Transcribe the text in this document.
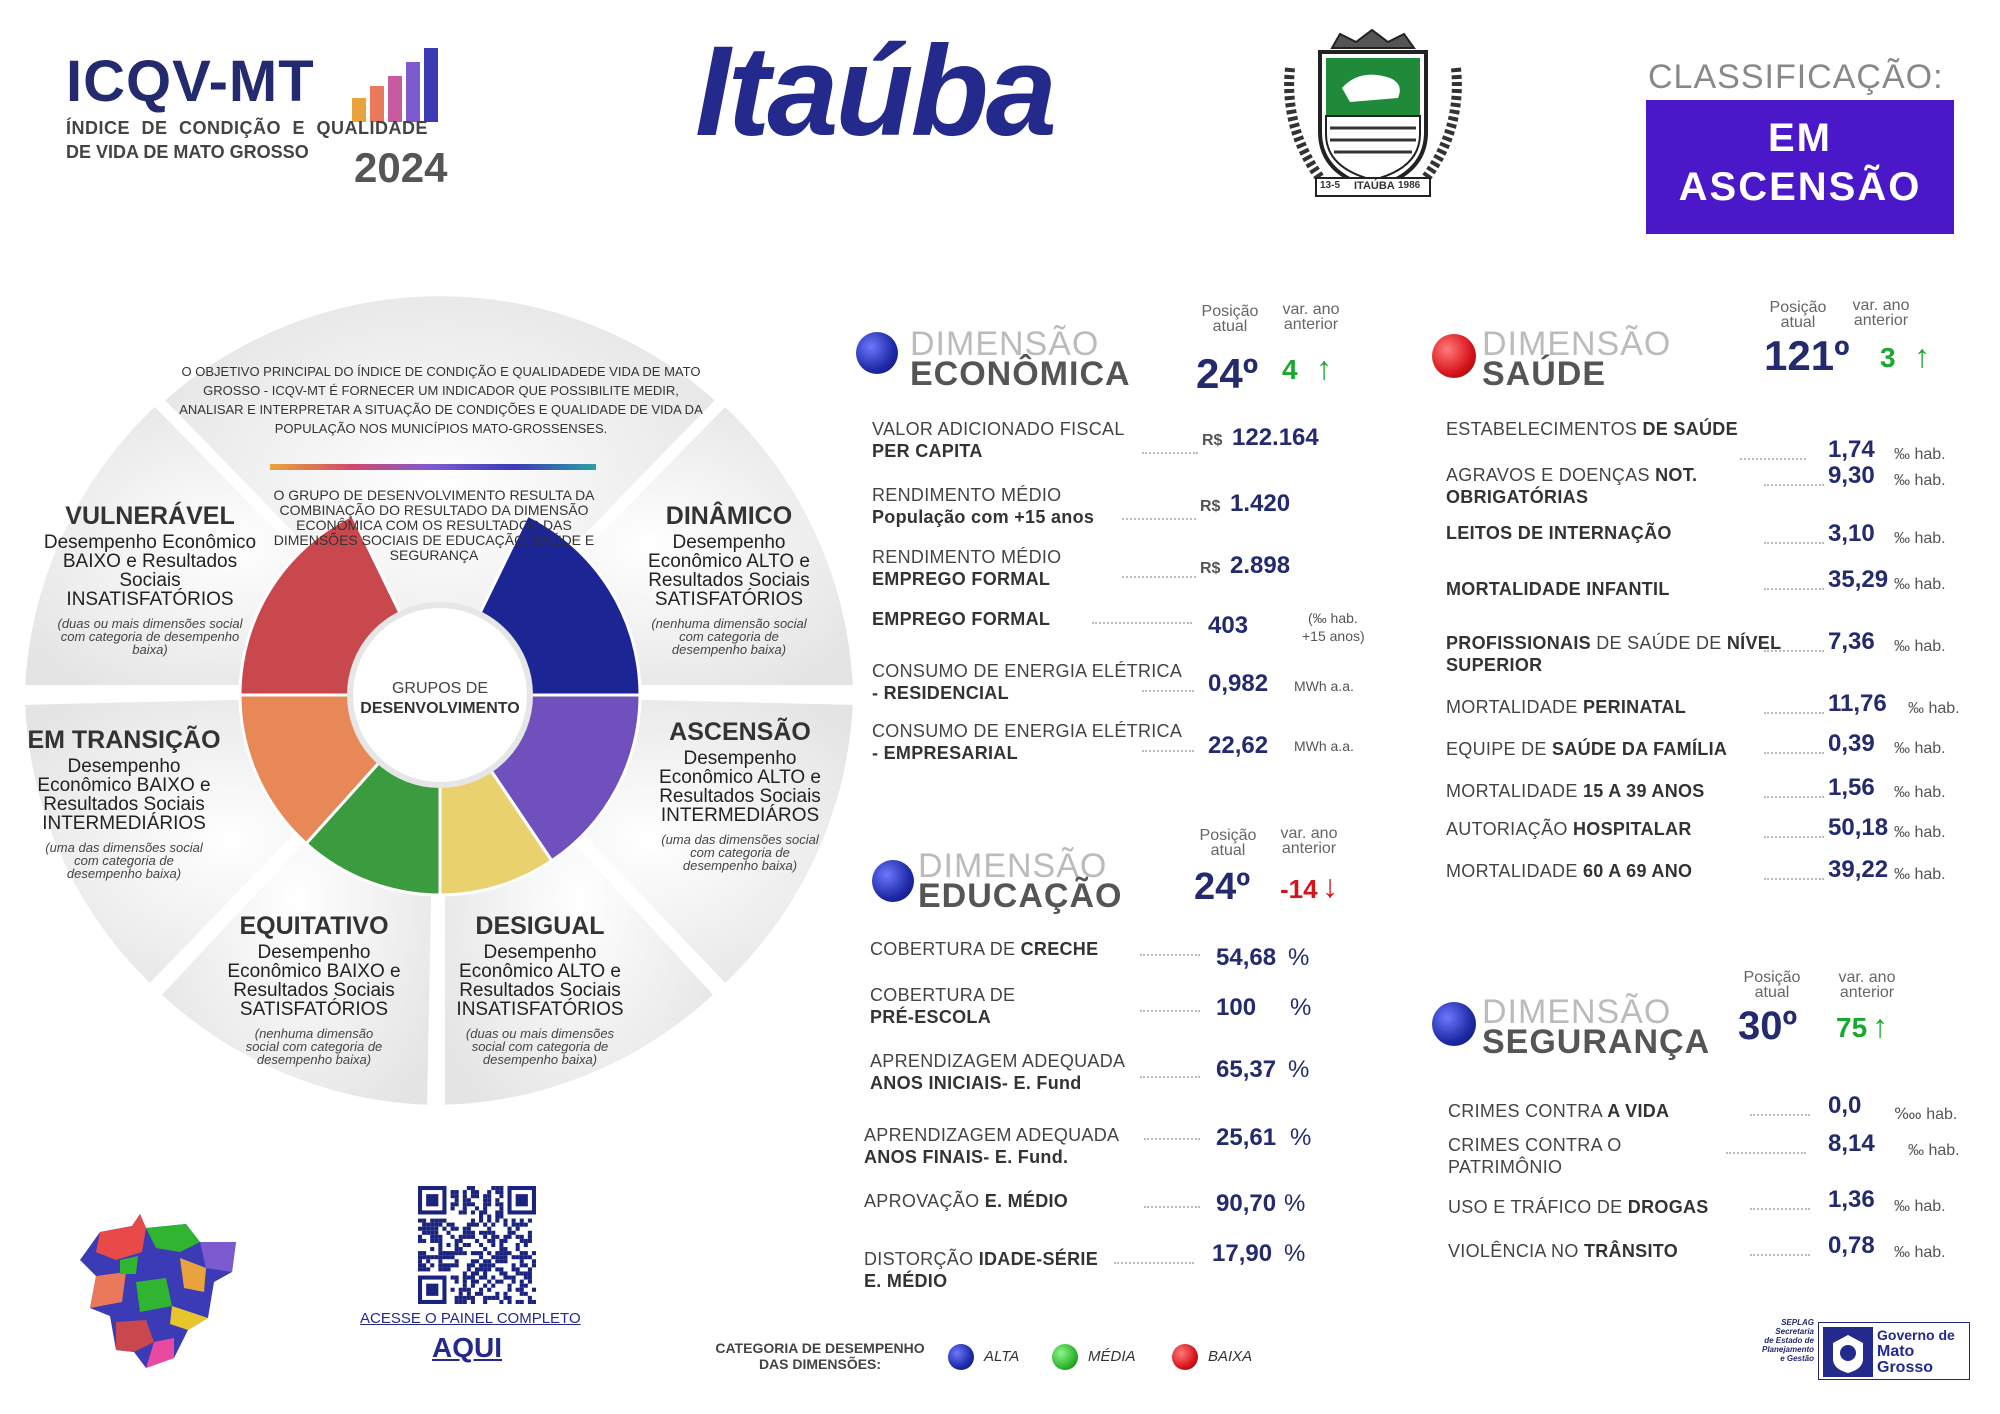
ICQV-MT
ÍNDICE DE CONDIÇÃO E QUALIDADE
DE VIDA DE MATO GROSSO 2024
Itaúba
13-5 ITAÚBA 1986
CLASSIFICAÇÃO:
EM
ASCENSÃO
GRUPOS DE
DESENVOLVIMENTO
O OBJETIVO PRINCIPAL DO ÍNDICE DE CONDIÇÃO E QUALIDADEDE VIDA DE MATO GROSSO - ICQV-MT É FORNECER UM INDICADOR QUE POSSIBILITE MEDIR, ANALISAR E INTERPRETAR A SITUAÇÃO DE CONDIÇÕES E QUALIDADE DE VIDA DA POPULAÇÃO NOS MUNICÍPIOS MATO-GROSSENSES.
O GRUPO DE DESENVOLVIMENTO RESULTA DA COMBINAÇÃO DO RESULTADO DA DIMENSÃO ECONÔMICA COM OS RESULTADOS DAS DIMENSÕES SOCIAIS DE EDUCAÇÃO, SAÚDE E SEGURANÇA
VULNERÁVEL
Desempenho Econômico BAIXO e Resultados Sociais INSATISFATÓRIOS
(duas ou mais dimensões social com categoria de desempenho baixa)
DINÂMICO
Desempenho Econômico ALTO e Resultados Sociais SATISFATÓRIOS
(nenhuma dimensão social com categoria de desempenho baixa)
EM TRANSIÇÃO
Desempenho Econômico BAIXO e Resultados Sociais INTERMEDIÁRIOS
(uma das dimensões social com categoria de desempenho baixa)
ASCENSÃO
Desempenho Econômico ALTO e Resultados Sociais INTERMEDIÁROS
(uma das dimensões social com categoria de desempenho baixa)
EQUITATIVO
Desempenho Econômico BAIXO e Resultados Sociais SATISFATÓRIOS
(nenhuma dimensão social com categoria de desempenho baixa)
DESIGUAL
Desempenho Econômico ALTO e Resultados Sociais INSATISFATÓRIOS
(duas ou mais dimensões social com categoria de desempenho baixa)
ACESSE O PAINEL COMPLETO
AQUI	CATEGORIA DE DESEMPENHO
DAS DIMENSÕES:	ALTA	MÉDIA	BAIXA
SEPLAG
Secretaria
de Estado de
Planejamento
e Gestão
Governo de
Mato
Grosso
DIMENSÃO
ECONÔMICA
Posição
atual
var. ano
anterior
24º 4 ↑
VALOR ADICIONADO FISCAL
PER CAPITA
R$ 122.164
RENDIMENTO MÉDIO
População com +15 anos
R$ 1.420
RENDIMENTO MÉDIO
EMPREGO FORMAL
R$ 2.898
EMPREGO FORMAL	403	(‰ hab.
+15 anos)
CONSUMO DE ENERGIA ELÉTRICA
- RESIDENCIAL	0,982 MWh a.a.
CONSUMO DE ENERGIA ELÉTRICA
- EMPRESARIAL	22,62 MWh a.a.
DIMENSÃO
EDUCAÇÃO
Posição
atual
var. ano
anterior
24º -14 ↓
COBERTURA DE CRECHE	54,68 %
COBERTURA DE
PRÉ-ESCOLA	100 %
APRENDIZAGEM ADEQUADA
ANOS INICIAIS- E. Fund	65,37 %
APRENDIZAGEM ADEQUADA
ANOS FINAIS- E. Fund.
25,61 %
APROVAÇÃO E. MÉDIO	90,70 %
DISTORÇÃO IDADE-SÉRIE
E. MÉDIO
17,90 %
DIMENSÃO
SAÚDE
Posição
atual
var. ano
anterior
121º 3 ↑
ESTABELECIMENTOS DE SAÚDE
1,74 ‰ hab.
AGRAVOS E DOENÇAS NOT.
OBRIGATÓRIAS
9,30 ‰ hab.
LEITOS DE INTERNAÇÃO	3,10 ‰ hab.
MORTALIDADE INFANTIL	35,29 ‰ hab.
PROFISSIONAIS DE SAÚDE DE NÍVEL
SUPERIOR
7,36 ‰ hab.
MORTALIDADE PERINATAL	11,76 ‰ hab.
EQUIPE DE SAÚDE DA FAMÍLIA	0,39 ‰ hab.
MORTALIDADE 15 A 39 ANOS	1,56 ‰ hab.
AUTORIAÇÃO HOSPITALAR	50,18 ‰ hab.
MORTALIDADE 60 A 69 ANO	39,22 ‰ hab.
DIMENSÃO
SEGURANÇA
Posição
atual
var. ano
anterior
30º 75 ↑
CRIMES CONTRA A VIDA	0,0 ‱ hab.
CRIMES CONTRA O
PATRIMÔNIO
8,14 ‰ hab.
USO E TRÁFICO DE DROGAS	1,36 ‰ hab.
VIOLÊNCIA NO TRÂNSITO	0,78 ‰ hab.
